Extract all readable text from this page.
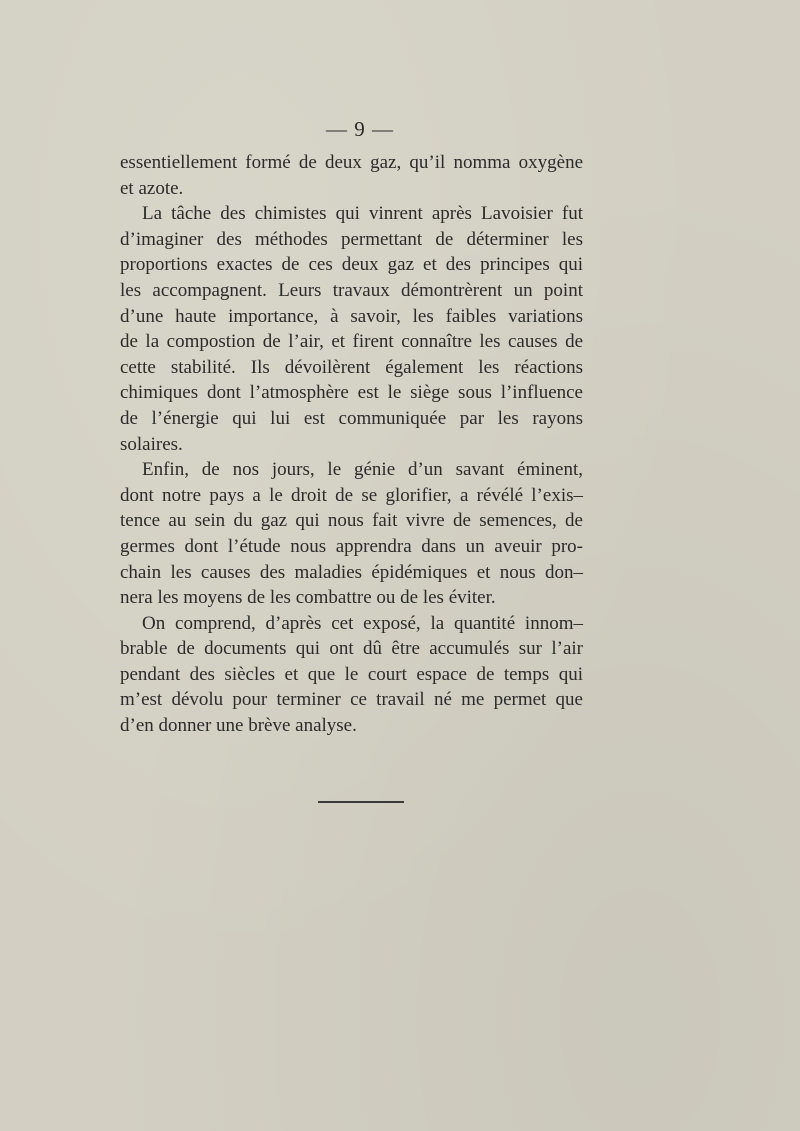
— 9 —
essentiellement formé de deux gaz, qu’il nomma oxygène
et azote.
La tâche des chimistes qui vinrent après Lavoisier fut
d’imaginer des méthodes permettant de déterminer les
proportions exactes de ces deux gaz et des principes qui
les accompagnent. Leurs travaux démontrèrent un point
d’une haute importance, à savoir, les faibles variations
de la compostion de l’air, et firent connaître les causes de
cette stabilité. Ils dévoilèrent également les réactions
chimiques dont l’atmosphère est le siège sous l’influence
de l’énergie qui lui est communiquée par les rayons
solaires.
Enfin, de nos jours, le génie d’un savant éminent,
dont notre pays a le droit de se glorifier, a révélé l’exis–
tence au sein du gaz qui nous fait vivre de semences, de
germes dont l’étude nous apprendra dans un aveuir pro-
chain les causes des maladies épidémiques et nous don–
nera les moyens de les combattre ou de les éviter.
On comprend, d’après cet exposé, la quantité innom–
brable de documents qui ont dû être accumulés sur l’air
pendant des siècles et que le court espace de temps qui
m’est dévolu pour terminer ce travail né me permet que
d’en donner une brève analyse.
